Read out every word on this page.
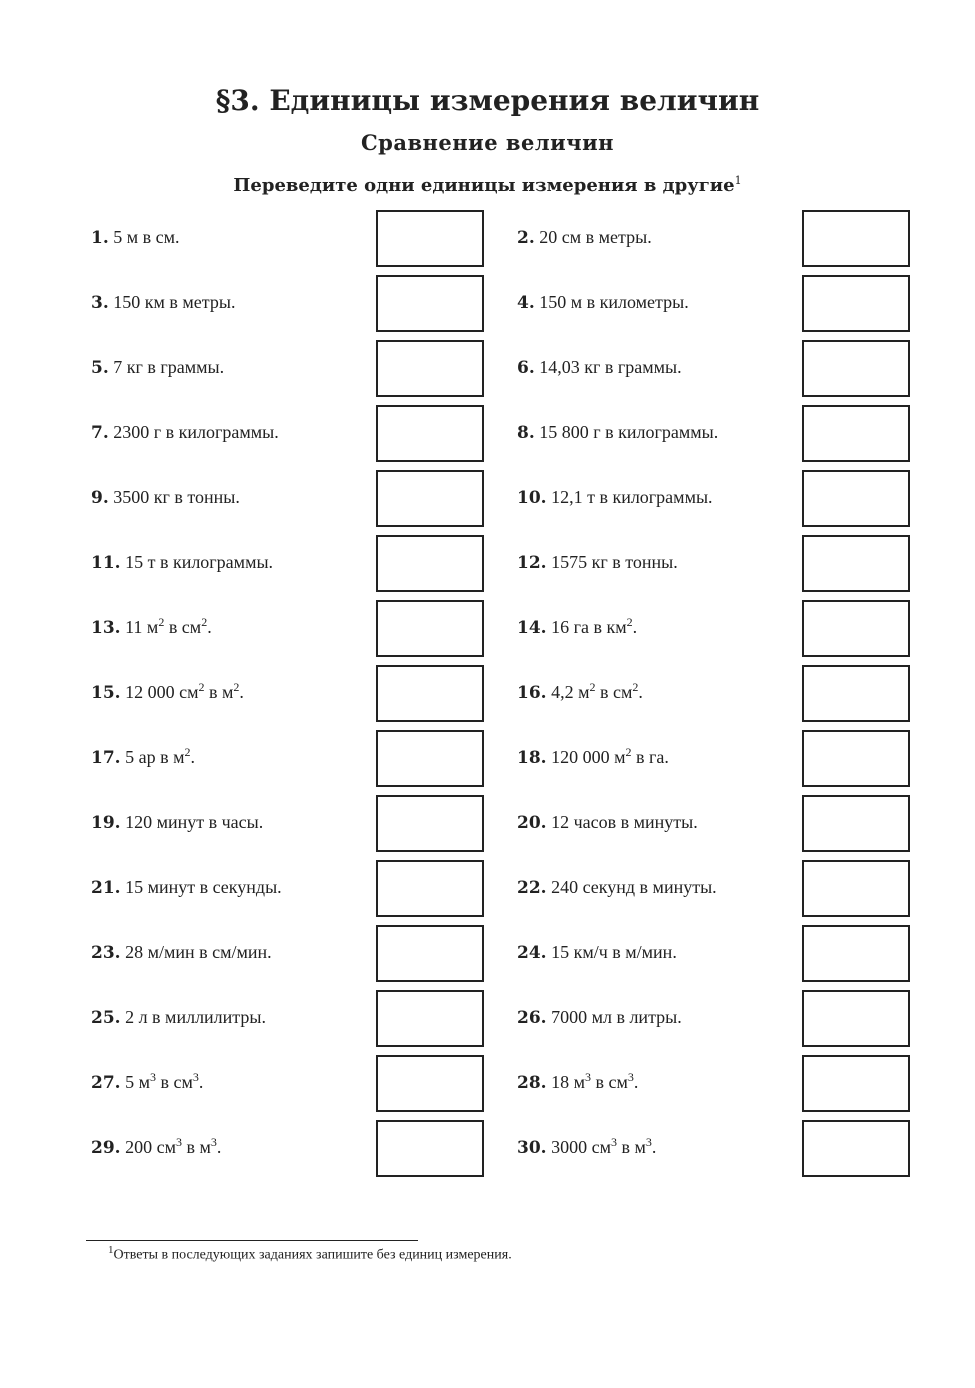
§3. Единицы измерения величин
Сравнение величин

Переведите одни единицы измерения в другие$^1$

1. 5 м в см.	2. 20 см в метры.
3. 150 км в метры.	4. 150 м в километры.
5. 7 кг в граммы.	6. 14,03 кг в граммы.
7. 2300 г в килограммы.	8. 15 800 г в килограммы.
9. 3500 кг в тонны.	10. 12,1 т в килограммы.
11. 15 т в килограммы.	12. 1575 кг в тонны.
13. 11 $м^2$ в $см^2$.	14. 16 га в $км^2$.
15. 12 000 $см^2$ в $м^2$.	16. 4,2 $м^2$ в $см^2$.
17. 5 ар в $м^2$.	18. 120 000 $м^2$ в га.
19. 120 минут в часы.	20. 12 часов в минуты.
21. 15 минут в секунды.	22. 240 секунд в минуты.
23. 28 м/мин в см/мин.	24. 15 км/ч в м/мин.
25. 2 л в миллилитры.	26. 7000 мл в литры.
27. 5 $м^3$ в $см^3$.	28. 18 $м^3$ в $см^3$.
29. 200 $см^3$ в $м^3$.	30. 3000 $см^3$ в $м^3$.
$^1$Ответы в последующих заданиях запишите без единиц измерения.
